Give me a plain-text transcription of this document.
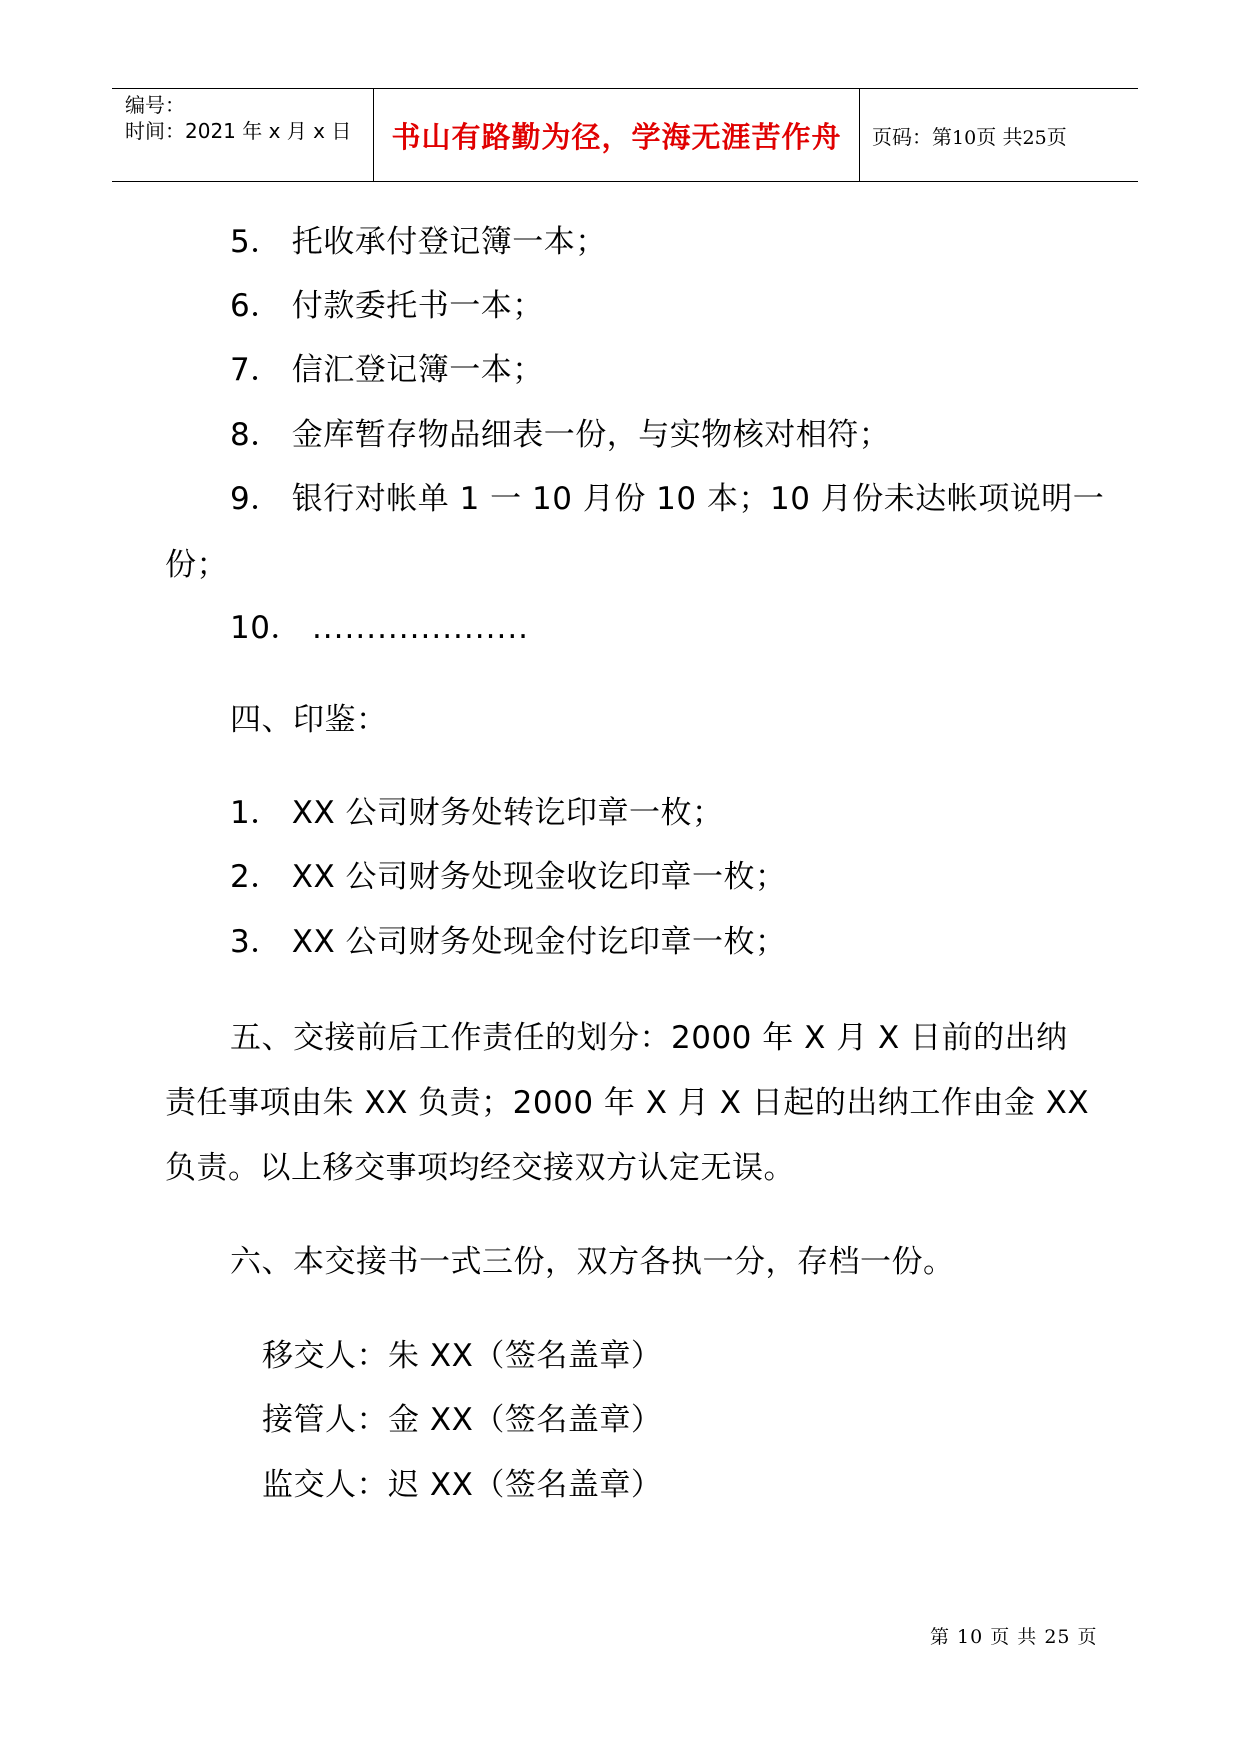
编号：
时间：2021 年 x 月 x 日 书山有路勤为径，学海无涯苦作舟 页码：第10页 共25页
5． 托收承付登记簿一本；
6． 付款委托书一本；
7． 信汇登记簿一本；
8． 金库暂存物品细表一份，与实物核对相符；
9． 银行对帐单 1 一 10 月份 10 本；10 月份未达帐项说明一
份；
10． ....................
四、印鉴：
1． XX 公司财务处转讫印章一枚；
2． XX 公司财务处现金收讫印章一枚；
3． XX 公司财务处现金付讫印章一枚；
五、交接前后工作责任的划分：2000 年 X 月 X 日前的出纳
责任事项由朱 XX 负责；2000 年 X 月 X 日起的出纳工作由金 XX
负责。以上移交事项均经交接双方认定无误。
六、本交接书一式三份，双方各执一分，存档一份。
移交人：朱 XX（签名盖章）
接管人：金 XX（签名盖章）
监交人：迟 XX（签名盖章）
第 10 页 共 25 页
